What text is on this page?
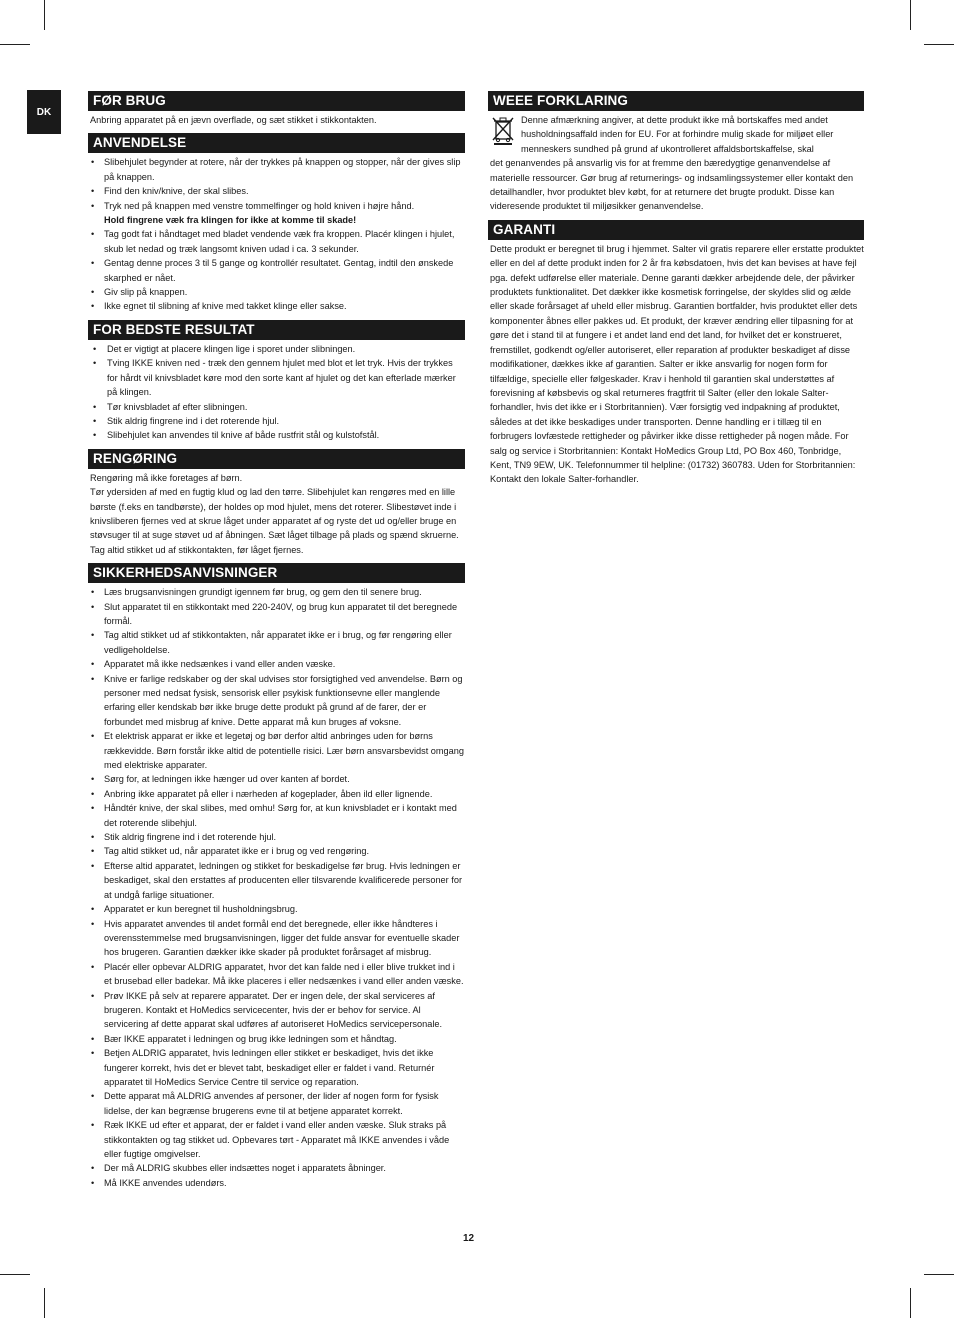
DK
FØR BRUG
Anbring apparatet på en jævn overflade, og sæt stikket i stikkontakten.
ANVENDELSE
• Slibehjulet begynder at rotere, når der trykkes på knappen og stopper, når der gives slip på knappen.
• Find den kniv/knive, der skal slibes.
• Tryk ned på knappen med venstre tommelfinger og hold kniven i højre hånd.
Hold fingrene væk fra klingen for ikke at komme til skade!
• Tag godt fat i håndtaget med bladet vendende væk fra kroppen. Placér klingen i hjulet, skub let nedad og træk langsomt kniven udad i ca. 3 sekunder.
• Gentag denne proces 3 til 5 gange og kontrollér resultatet. Gentag, indtil den ønskede skarphed er nået.
• Giv slip på knappen.
• Ikke egnet til slibning af knive med takket klinge eller sakse.
FOR BEDSTE RESULTAT
• Det er vigtigt at placere klingen lige i sporet under slibningen.
• Tving IKKE kniven ned - træk den gennem hjulet med blot et let tryk. Hvis der trykkes for hårdt vil knivsbladet køre mod den sorte kant af hjulet og det kan efterlade mærker på klingen.
• Tør knivsbladet af efter slibningen.
• Stik aldrig fingrene ind i det roterende hjul.
• Slibehjulet kan anvendes til knive af både rustfrit stål og kulstofstål.
RENGØRING
Rengøring må ikke foretages af børn.
Tør ydersiden af med en fugtig klud og lad den tørre. Slibehjulet kan rengøres med en lille børste (f.eks en tandbørste), der holdes op mod hjulet, mens det roterer. Slibestøvet inde i knivsliberen fjernes ved at skrue låget under apparatet af og ryste det ud og/eller bruge en støvsuger til at suge støvet ud af åbningen. Sæt låget tilbage på plads og spænd skruerne. Tag altid stikket ud af stikkontakten, før låget fjernes.
SIKKERHEDSANVISNINGER
• Læs brugsanvisningen grundigt igennem før brug, og gem den til senere brug.
• Slut apparatet til en stikkontakt med 220-240V, og brug kun apparatet til det beregnede formål.
• Tag altid stikket ud af stikkontakten, når apparatet ikke er i brug, og før rengøring eller vedligeholdelse.
• Apparatet må ikke nedsænkes i vand eller anden væske.
• Knive er farlige redskaber og der skal udvises stor forsigtighed ved anvendelse. Børn og personer med nedsat fysisk, sensorisk eller psykisk funktionsevne eller manglende erfaring eller kendskab bør ikke bruge dette produkt på grund af de farer, der er forbundet med misbrug af knive. Dette apparat må kun bruges af voksne.
• Et elektrisk apparat er ikke et legetøj og bør derfor altid anbringes uden for børns rækkevidde. Børn forstår ikke altid de potentielle risici. Lær børn ansvarsbevidst omgang med elektriske apparater.
• Sørg for, at ledningen ikke hænger ud over kanten af bordet.
• Anbring ikke apparatet på eller i nærheden af kogeplader, åben ild eller lignende.
• Håndtér knive, der skal slibes, med omhu! Sørg for, at kun knivsbladet er i kontakt med det roterende slibehjul.
• Stik aldrig fingrene ind i det roterende hjul.
• Tag altid stikket ud, når apparatet ikke er i brug og ved rengøring.
• Efterse altid apparatet, ledningen og stikket for beskadigelse før brug. Hvis ledningen er beskadiget, skal den erstattes af producenten eller tilsvarende kvalificerede personer for at undgå farlige situationer.
• Apparatet er kun beregnet til husholdningsbrug.
• Hvis apparatet anvendes til andet formål end det beregnede, eller ikke håndteres i overensstemmelse med brugsanvisningen, ligger det fulde ansvar for eventuelle skader hos brugeren. Garantien dækker ikke skader på produktet forårsaget af misbrug.
• Placér eller opbevar ALDRIG apparatet, hvor det kan falde ned i eller blive trukket ind i et brusebad eller badekar. Må ikke placeres i eller nedsænkes i vand eller anden væske.
• Prøv IKKE på selv at reparere apparatet. Der er ingen dele, der skal serviceres af brugeren. Kontakt et HoMedics servicecenter, hvis der er behov for service. Al servicering af dette apparat skal udføres af autoriseret HoMedics servicepersonale.
• Bær IKKE apparatet i ledningen og brug ikke ledningen som et håndtag.
• Betjen ALDRIG apparatet, hvis ledningen eller stikket er beskadiget, hvis det ikke fungerer korrekt, hvis det er blevet tabt, beskadiget eller er faldet i vand. Returnér apparatet til HoMedics Service Centre til service og reparation.
• Dette apparat må ALDRIG anvendes af personer, der lider af nogen form for fysisk lidelse, der kan begrænse brugerens evne til at betjene apparatet korrekt.
• Ræk IKKE ud efter et apparat, der er faldet i vand eller anden væske. Sluk straks på stikkontakten og tag stikket ud. Opbevares tørt - Apparatet må IKKE anvendes i våde eller fugtige omgivelser.
• Der må ALDRIG skubbes eller indsættes noget i apparatets åbninger.
• Må IKKE anvendes udendørs.
WEEE FORKLARING
Denne afmærkning angiver, at dette produkt ikke må bortskaffes med andet husholdningsaffald inden for EU. For at forhindre mulig skade for miljøet eller menneskers sundhed på grund af ukontrolleret affaldsbortskaffelse, skal
det genanvendes på ansvarlig vis for at fremme den bæredygtige genanvendelse af materielle ressourcer. Gør brug af returnerings- og indsamlingssystemer eller kontakt den detailhandler, hvor produktet blev købt, for at returnere det brugte produkt. Disse kan videresende produktet til miljøsikker genanvendelse.
GARANTI
Dette produkt er beregnet til brug i hjemmet. Salter vil gratis reparere eller erstatte produktet eller en del af dette produkt inden for 2 år fra købsdatoen, hvis det kan bevises at have fejl pga. defekt udførelse eller materiale. Denne garanti dækker arbejdende dele, der påvirker produktets funktionalitet. Det dækker ikke kosmetisk forringelse, der skyldes slid og ælde eller skade forårsaget af uheld eller misbrug. Garantien bortfalder, hvis produktet eller dets komponenter åbnes eller pakkes ud. Et produkt, der kræver ændring eller tilpasning for at gøre det i stand til at fungere i et andet land end det land, for hvilket det er konstrueret, fremstillet, godkendt og/eller autoriseret, eller reparation af produkter beskadiget af disse modifikationer, dækkes ikke af garantien. Salter er ikke ansvarlig for nogen form for tilfældige, specielle eller følgeskader. Krav i henhold til garantien skal understøttes af forevisning af købsbevis og skal returneres fragtfrit til Salter (eller den lokale Salter-forhandler, hvis det ikke er i Storbritannien). Vær forsigtig ved indpakning af produktet, således at det ikke beskadiges under transporten. Denne handling er i tillæg til en forbrugers lovfæstede rettigheder og påvirker ikke disse rettigheder på nogen måde. For salg og service i Storbritannien: Kontakt HoMedics Group Ltd, PO Box 460, Tonbridge, Kent, TN9 9EW, UK. Telefonnummer til helpline: (01732) 360783. Uden for Storbritannien: Kontakt den lokale Salter-forhandler.
12
